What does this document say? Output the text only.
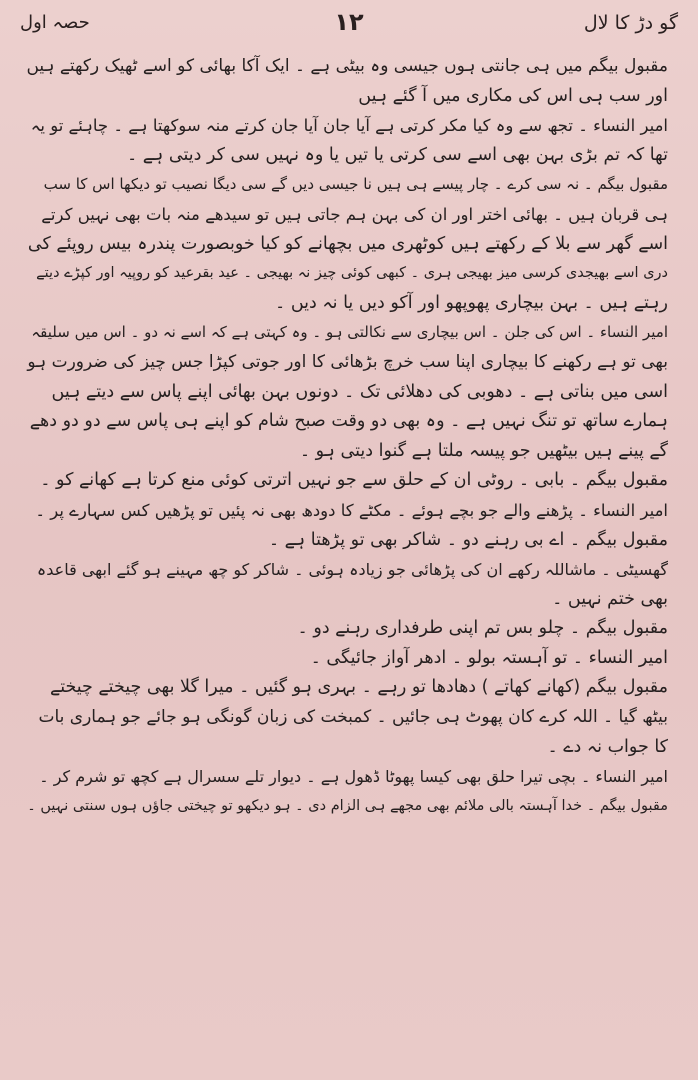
گو دڑ کا لال
۱۲
حصہ اول
مقبول بیگم میں ہی جانتی ہوں جیسی وہ بیٹی ہے ۔ ایک آکا بھائی کو اسے ٹھیک رکھتے ہیں
اور سب ہی اس کی مکاری میں آ گئے ہیں
امیر النساء ۔ تجھ سے وہ کیا مکر کرتی ہے آیا جان آیا جان کرتے منہ سوکھتا ہے ۔ چاہئے تو یہ
تھا کہ تم بڑی بہن بھی اسے سی کرتی یا تیں یا وہ نہیں سی کر دیتی ہے ۔
مقبول بیگم ۔ نہ سی کرے ۔ چار پیسے ہی ہیں نا جیسی دیں گے سی دیگا نصیب تو دیکھا اس کا سب
ہی قربان ہیں ۔ بھائی اختر اور ان کی بہن ہم جاتی ہیں تو سیدھے منہ بات بھی نہیں کرتے
اسے گھر سے بلا کے رکھتے ہیں کوٹھری میں بچھانے کو کیا خوبصورت پندرہ بیس روپئے کی
دری اسے بھیجدی کرسی میز بھیجی ہری ۔ کبھی کوئی چیز نہ بھیجی ۔ عید بقرعید کو روپیہ اور کپڑے دیتے
رہتے ہیں ۔ بہن بیچاری پھوپھو اور آکو دیں یا نہ دیں ۔
امیر النساء ۔ اس کی جلن ۔ اس بیچاری سے نکالتی ہو ۔ وہ کہتی ہے کہ اسے نہ دو ۔ اس میں سلیقہ
بھی تو ہے رکھنے کا بیچاری اپنا سب خرچ بڑھائی کا اور جوتی کپڑا جس چیز کی ضرورت ہو
اسی میں بناتی ہے ۔ دھوبی کی دھلائی تک ۔ دونوں بہن بھائی اپنے پاس سے دیتے ہیں
ہمارے ساتھ تو تنگ نہیں ہے ۔ وہ بھی دو وقت صبح شام کو اپنے ہی پاس سے دو دو دھے
گے پینے ہیں بیٹھیں جو پیسہ ملتا ہے گنوا دیتی ہو ۔
مقبول بیگم ۔ بابی ۔ روٹی ان کے حلق سے جو نہیں اترتی کوئی منع کرتا ہے کھانے کو ۔
امیر النساء ۔ پڑھنے والے جو بچے ہوئے ۔ مکٹے کا دودھ بھی نہ پئیں تو پڑھیں کس سہارے پر ۔
مقبول بیگم ۔ اے بی رہنے دو ۔ شاکر بھی تو پڑھتا ہے ۔
گھسیٹی ۔ ماشاللہ رکھے ان کی پڑھائی جو زیادہ ہوئی ۔ شاکر کو چھ مہینے ہو گئے ابھی قاعدہ
بھی ختم نہیں ۔
مقبول بیگم ۔ چلو بس تم اپنی طرفداری رہنے دو ۔
امیر النساء ۔ تو آہستہ بولو ۔ ادھر آواز جائیگی ۔
مقبول بیگم (کھانے کھاتے ) دھادھا تو رہے ۔ بہری ہو گئیں ۔ میرا گلا بھی چیختے چیختے
بیٹھ گیا ۔ اللہ کرے کان پھوٹ ہی جائیں ۔ کمبخت کی زبان گونگی ہو جائے جو ہماری بات
کا جواب نہ دے ۔
امیر النساء ۔ بچی تیرا حلق بھی کیسا پھوٹا ڈھول ہے ۔ دیوار تلے سسرال ہے کچھ تو شرم کر ۔
مقبول بیگم ۔ خدا آہستہ بالی ملائم بھی مجھے ہی الزام دی ۔ ہو دیکھو تو چیختی جاؤں ہوں سنتی نہیں ۔
